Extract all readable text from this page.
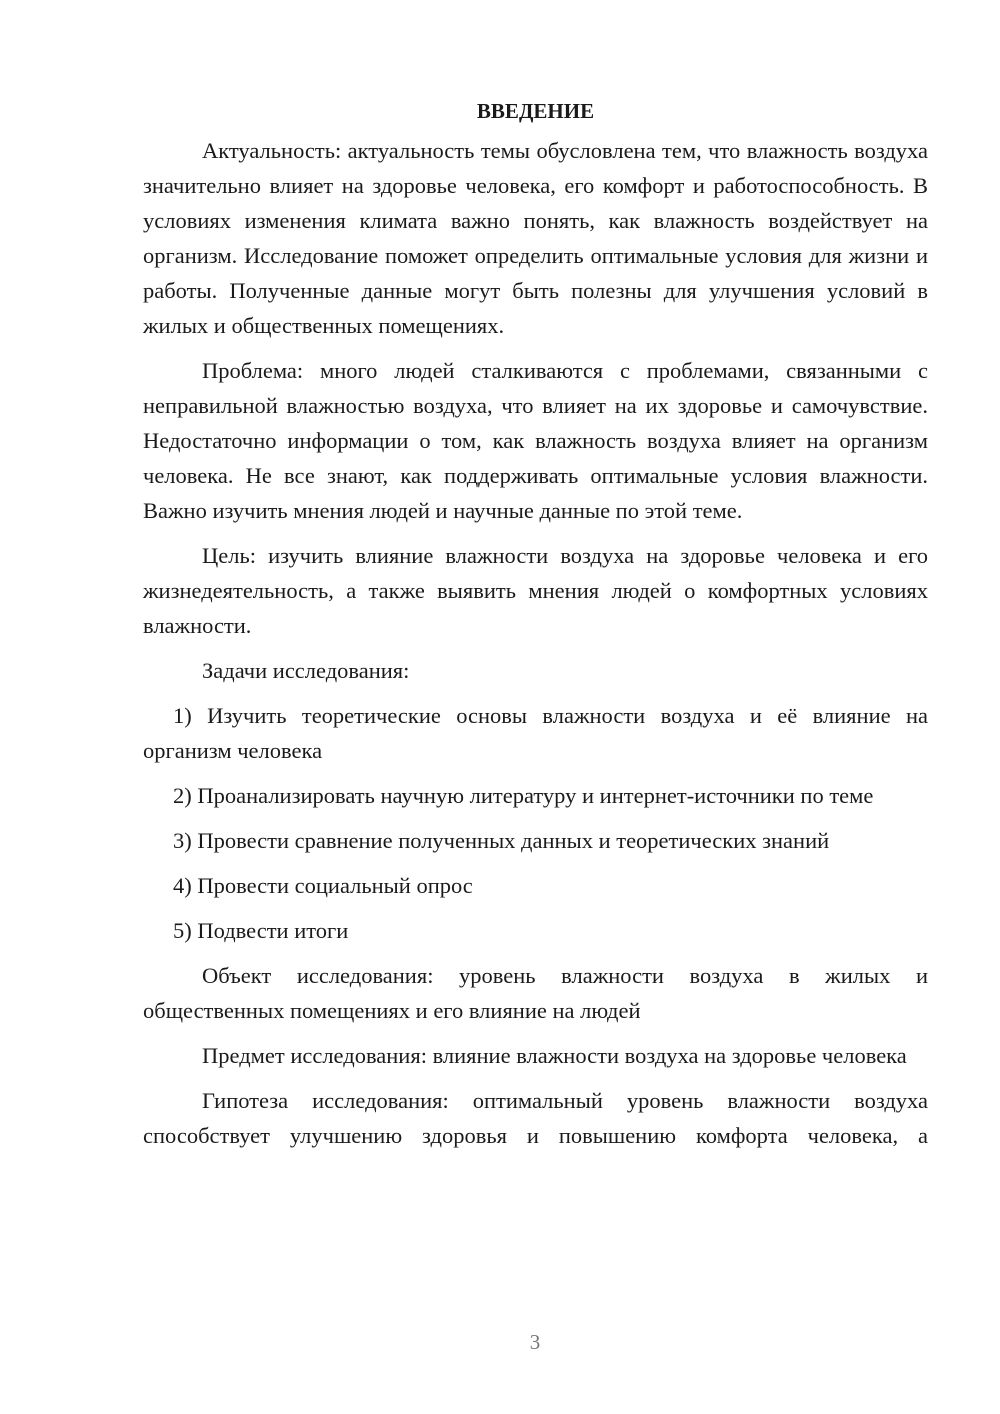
ВВЕДЕНИЕ

Актуальность: актуальность темы обусловлена тем, что влажность воздуха значительно влияет на здоровье человека, его комфорт и работоспособность. В условиях изменения климата важно понять, как влажность воздействует на организм. Исследование поможет определить оптимальные условия для жизни и работы. Полученные данные могут быть полезны для улучшения условий в жилых и общественных помещениях.

Проблема: много людей сталкиваются с проблемами, связанными с неправильной влажностью воздуха, что влияет на их здоровье и самочувствие. Недостаточно информации о том, как влажность воздуха влияет на организм человека. Не все знают, как поддерживать оптимальные условия влажности. Важно изучить мнения людей и научные данные по этой теме.

Цель: изучить влияние влажности воздуха на здоровье человека и его жизнедеятельность, а также выявить мнения людей о комфортных условиях влажности.

Задачи исследования:

1) Изучить теоретические основы влажности воздуха и её влияние на организм человека

2) Проанализировать научную литературу и интернет-источники по теме

3) Провести сравнение полученных данных и теоретических знаний

4) Провести социальный опрос

5) Подвести итоги

Объект исследования: уровень влажности воздуха в жилых и общественных помещениях и его влияние на людей

Предмет исследования: влияние влажности воздуха на здоровье человека

Гипотеза исследования: оптимальный уровень влажности воздуха способствует улучшению здоровья и повышению комфорта человека, а

3
